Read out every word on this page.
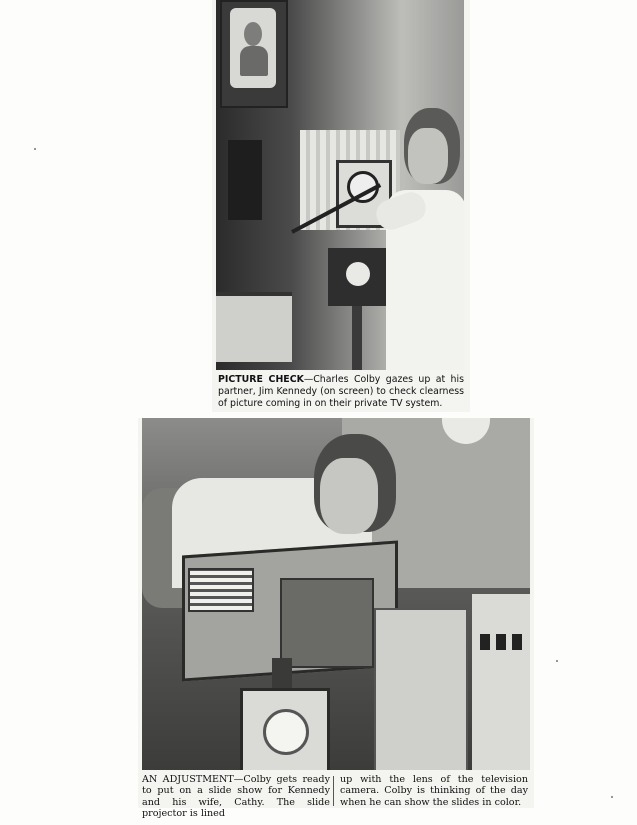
PICTURE CHECK—Charles Colby gazes up at his partner, Jim Kennedy (on screen) to check clearness of picture coming in on their private TV system.
AN ADJUSTMENT—Colby gets ready to put on a slide show for Kennedy and his wife, Cathy. The slide projector is lined
up with the lens of the television camera. Colby is thinking of the day when he can show the slides in color.
